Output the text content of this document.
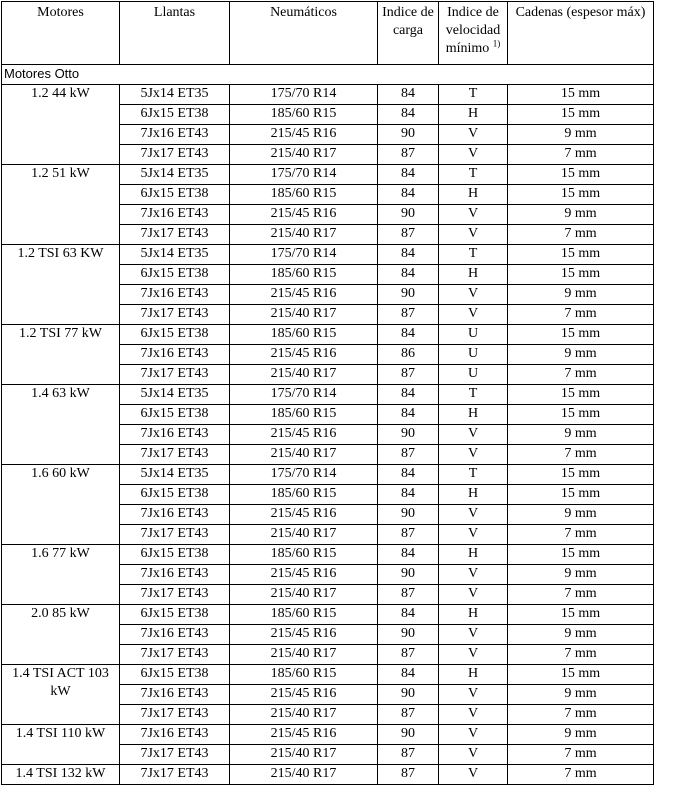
Motores	Llantas	Neumáticos	Indice de carga	Indice de velocidad mínimo $^{1)}$	Cadenas (espesor máx)
Motores Otto					
1.2 44 kW	5Jx14 ET35	175/70 R14	84	T	15 mm
	6Jx15 ET38	185/60 R15	84	H	15 mm
	7Jx16 ET43	215/45 R16	90	V	9 mm
	7Jx17 ET43	215/40 R17	87	V	7 mm
1.2 51 kW	5Jx14 ET35	175/70 R14	84	T	15 mm
	6Jx15 ET38	185/60 R15	84	H	15 mm
	7Jx16 ET43	215/45 R16	90	V	9 mm
	7Jx17 ET43	215/40 R17	87	V	7 mm
1.2 TSI 63 KW	5Jx14 ET35	175/70 R14	84	T	15 mm
	6Jx15 ET38	185/60 R15	84	H	15 mm
	7Jx16 ET43	215/45 R16	90	V	9 mm
	7Jx17 ET43	215/40 R17	87	V	7 mm
1.2 TSI 77 kW	6Jx15 ET38	185/60 R15	84	U	15 mm
	7Jx16 ET43	215/45 R16	86	U	9 mm
	7Jx17 ET43	215/40 R17	87	U	7 mm
1.4 63 kW	5Jx14 ET35	175/70 R14	84	T	15 mm
	6Jx15 ET38	185/60 R15	84	H	15 mm
	7Jx16 ET43	215/45 R16	90	V	9 mm
	7Jx17 ET43	215/40 R17	87	V	7 mm
1.6 60 kW	5Jx14 ET35	175/70 R14	84	T	15 mm
	6Jx15 ET38	185/60 R15	84	H	15 mm
	7Jx16 ET43	215/45 R16	90	V	9 mm
	7Jx17 ET43	215/40 R17	87	V	7 mm
1.6 77 kW	6Jx15 ET38	185/60 R15	84	H	15 mm
	7Jx16 ET43	215/45 R16	90	V	9 mm
	7Jx17 ET43	215/40 R17	87	V	7 mm
2.0 85 kW	6Jx15 ET38	185/60 R15	84	H	15 mm
	7Jx16 ET43	215/45 R16	90	V	9 mm
	7Jx17 ET43	215/40 R17	87	V	7 mm
1.4 TSI ACT 103 kW	6Jx15 ET38	185/60 R15	84	H	15 mm
	7Jx16 ET43	215/45 R16	90	V	9 mm
	7Jx17 ET43	215/40 R17	87	V	7 mm
1.4 TSI 110 kW	7Jx16 ET43	215/45 R16	90	V	9 mm
	7Jx17 ET43	215/40 R17	87	V	7 mm
1.4 TSI 132 kW	7Jx17 ET43	215/40 R17	87	V	7 mm
